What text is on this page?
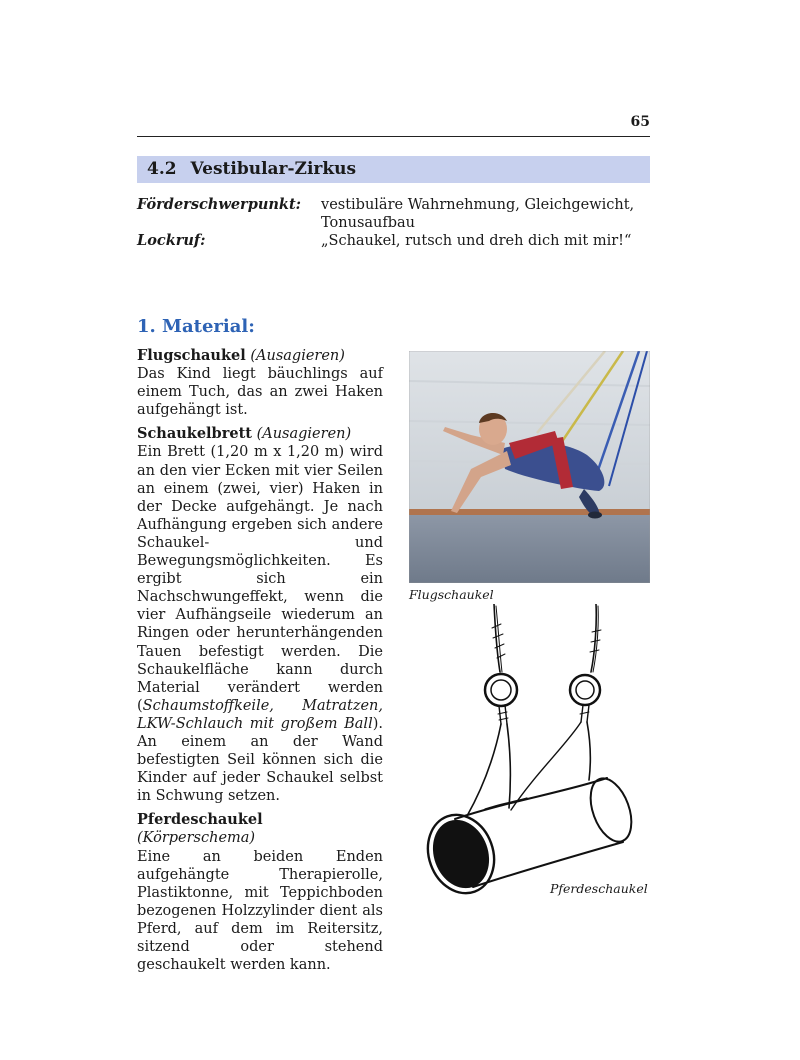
65
4.2 Vestibular-Zirkus
Förderschwerpunkt: vestibuläre Wahrnehmung, Gleichgewicht,
Tonusaufbau
Lockruf:	„Schaukel, rutsch und dreh dich mit mir!“
1. Material:

Flugschaukel (Ausagieren)
Das Kind liegt bäuchlings auf einem Tuch, das an zwei Haken aufgehängt ist.

Schaukelbrett (Ausagieren)
Ein Brett (1,20 m x 1,20 m) wird an den vier Ecken mit vier Seilen an einem (zwei, vier) Haken in der Decke aufgehängt. Je nach Aufhängung ergeben sich andere Schaukel- und Bewegungsmöglichkeiten. Es ergibt sich ein Nachschwungeffekt, wenn die vier Aufhängseile wiederum an Ringen oder herunterhängenden Tauen befestigt werden. Die Schaukelfläche kann durch Material verändert werden (Schaumstoffkeile, Matratzen, LKW-Schlauch mit großem Ball). An einem an der Wand befestigten Seil können sich die Kinder auf jeder Schaukel selbst in Schwung setzen.

Pferdeschaukel (Körperschema)
Eine an beiden Enden aufgehängte Therapierolle, Plastiktonne, mit Teppichboden bezogenen Holzzylinder dient als Pferd, auf dem im Reitersitz, sitzend oder stehend geschaukelt werden kann.

Flugschaukel
Pferdeschaukel
